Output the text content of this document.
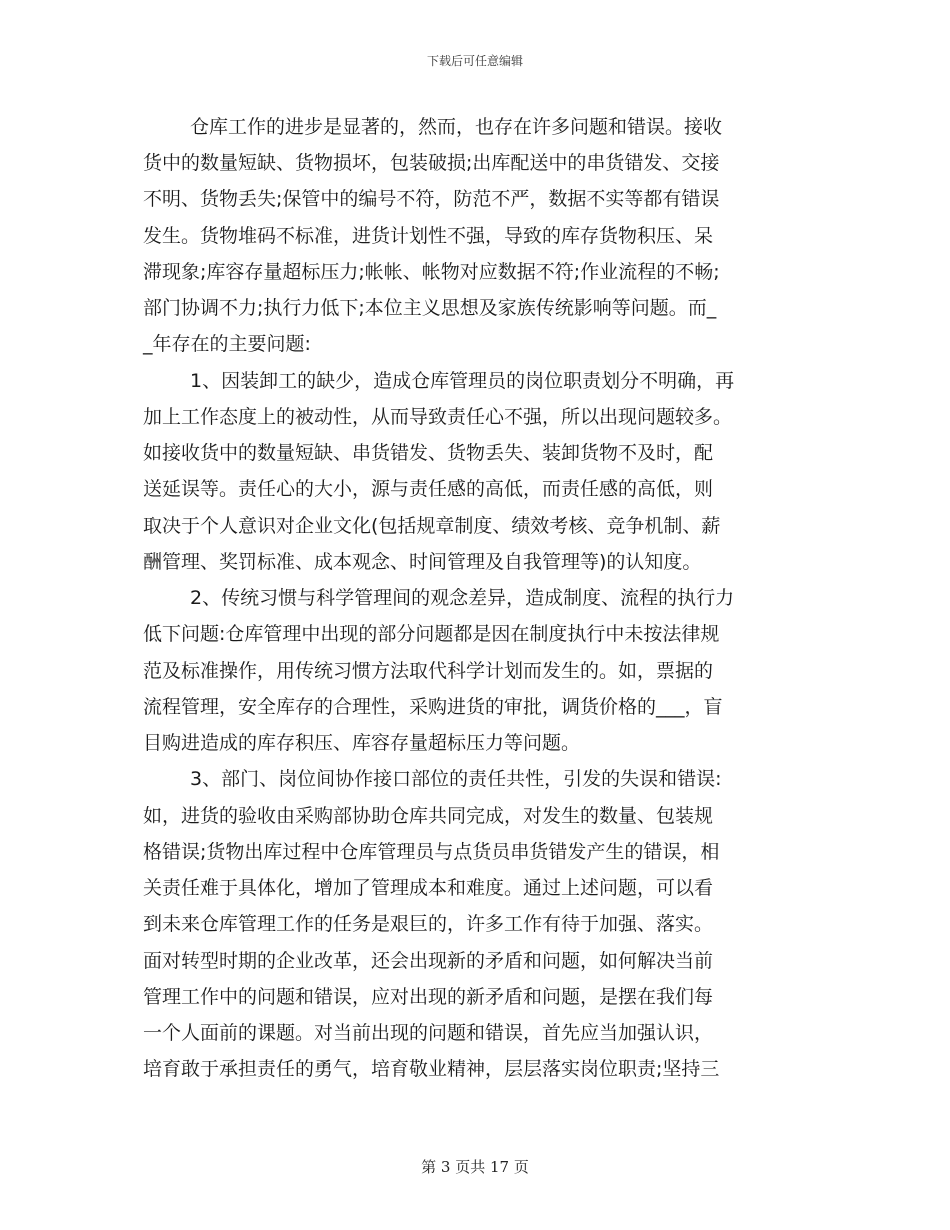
下载后可任意编辑
仓库工作的进步是显著的，然而，也存在许多问题和错误。接收
货中的数量短缺、货物损坏，包装破损;出库配送中的串货错发、交接
不明、货物丢失;保管中的编号不符，防范不严，数据不实等都有错误
发生。货物堆码不标准，进货计划性不强，导致的库存货物积压、呆
滞现象;库容存量超标压力;帐帐、帐物对应数据不符;作业流程的不畅;
部门协调不力;执行力低下;本位主义思想及家族传统影响等问题。而_
_年存在的主要问题:
1、因装卸工的缺少，造成仓库管理员的岗位职责划分不明确，再
加上工作态度上的被动性，从而导致责任心不强，所以出现问题较多。
如接收货中的数量短缺、串货错发、货物丢失、装卸货物不及时，配
送延误等。责任心的大小，源与责任感的高低，而责任感的高低，则
取决于个人意识对企业文化(包括规章制度、绩效考核、竞争机制、薪
酬管理、奖罚标准、成本观念、时间管理及自我管理等)的认知度。
2、传统习惯与科学管理间的观念差异，造成制度、流程的执行力
低下问题:仓库管理中出现的部分问题都是因在制度执行中未按法律规
范及标准操作，用传统习惯方法取代科学计划而发生的。如，票据的
流程管理，安全库存的合理性，采购进货的审批，调货价格的___，盲
目购进造成的库存积压、库容存量超标压力等问题。
3、部门、岗位间协作接口部位的责任共性，引发的失误和错误:
如，进货的验收由采购部协助仓库共同完成，对发生的数量、包装规
格错误;货物出库过程中仓库管理员与点货员串货错发产生的错误，相
关责任难于具体化，增加了管理成本和难度。通过上述问题，可以看
到未来仓库管理工作的任务是艰巨的，许多工作有待于加强、落实。
面对转型时期的企业改革，还会出现新的矛盾和问题，如何解决当前
管理工作中的问题和错误，应对出现的新矛盾和问题，是摆在我们每
一个人面前的课题。对当前出现的问题和错误，首先应当加强认识，
培育敢于承担责任的勇气，培育敬业精神，层层落实岗位职责;坚持三
第 3 页共 17 页
